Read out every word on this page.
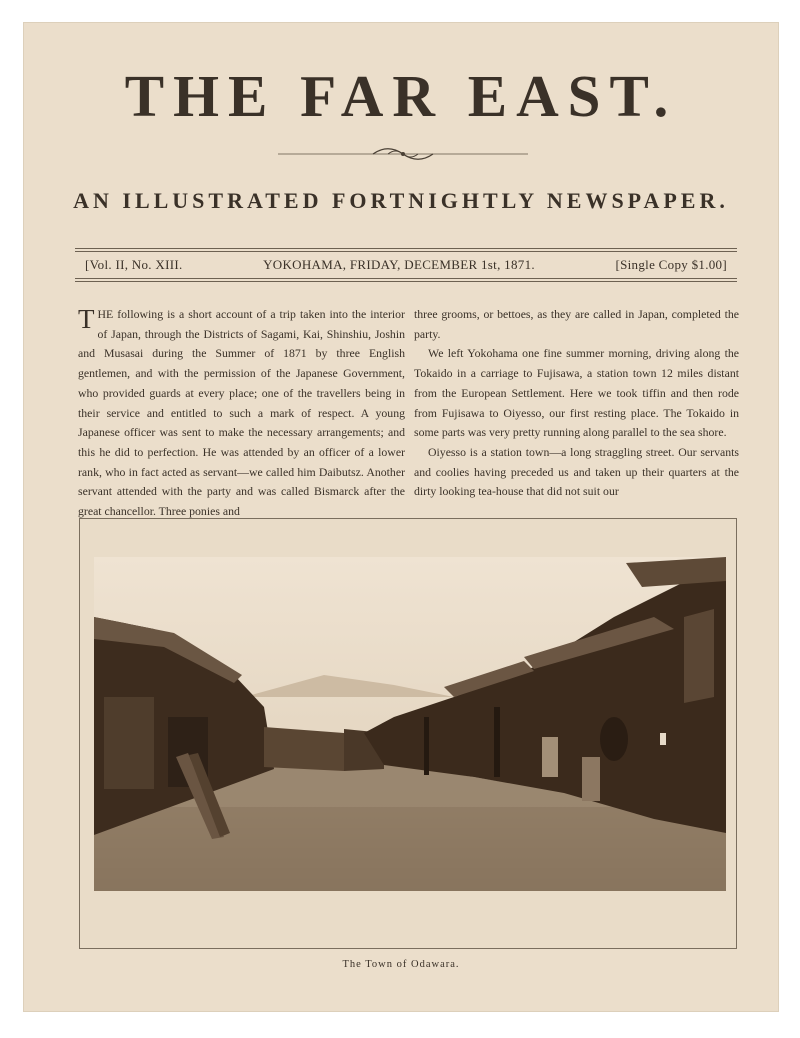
THE FAR EAST.
AN ILLUSTRATED FORTNIGHTLY NEWSPAPER.
[Vol. II, No. XIII.	YOKOHAMA, FRIDAY, DECEMBER 1st, 1871.	[Single Copy $1.00]

THE following is a short account of a trip taken into the interior of Japan, through the Districts of Sagami, Kai, Shinshiu, Joshin and Musasai during the Summer of 1871 by three English gentlemen, and with the permission of the Japanese Government, who provided guards at every place; one of the travellers being in their service and entitled to such a mark of respect. A young Japanese officer was sent to make the necessary arrangements; and this he did to perfection. He was attended by an officer of a lower rank, who in fact acted as servant—we called him Daibutsz. Another servant attended with the party and was called Bismarck after the great chancellor. Three ponies and

three grooms, or bettoes, as they are called in Japan, completed the party.

We left Yokohama one fine summer morning, driving along the Tokaido in a carriage to Fujisawa, a station town 12 miles distant from the European Settlement. Here we took tiffin and then rode from Fujisawa to Oiyesso, our first resting place. The Tokaido in some parts was very pretty running along parallel to the sea shore.

Oiyesso is a station town—a long straggling street. Our servants and coolies having preceded us and taken up their quarters at the dirty looking tea-house that did not suit our

The Town of Odawara.
